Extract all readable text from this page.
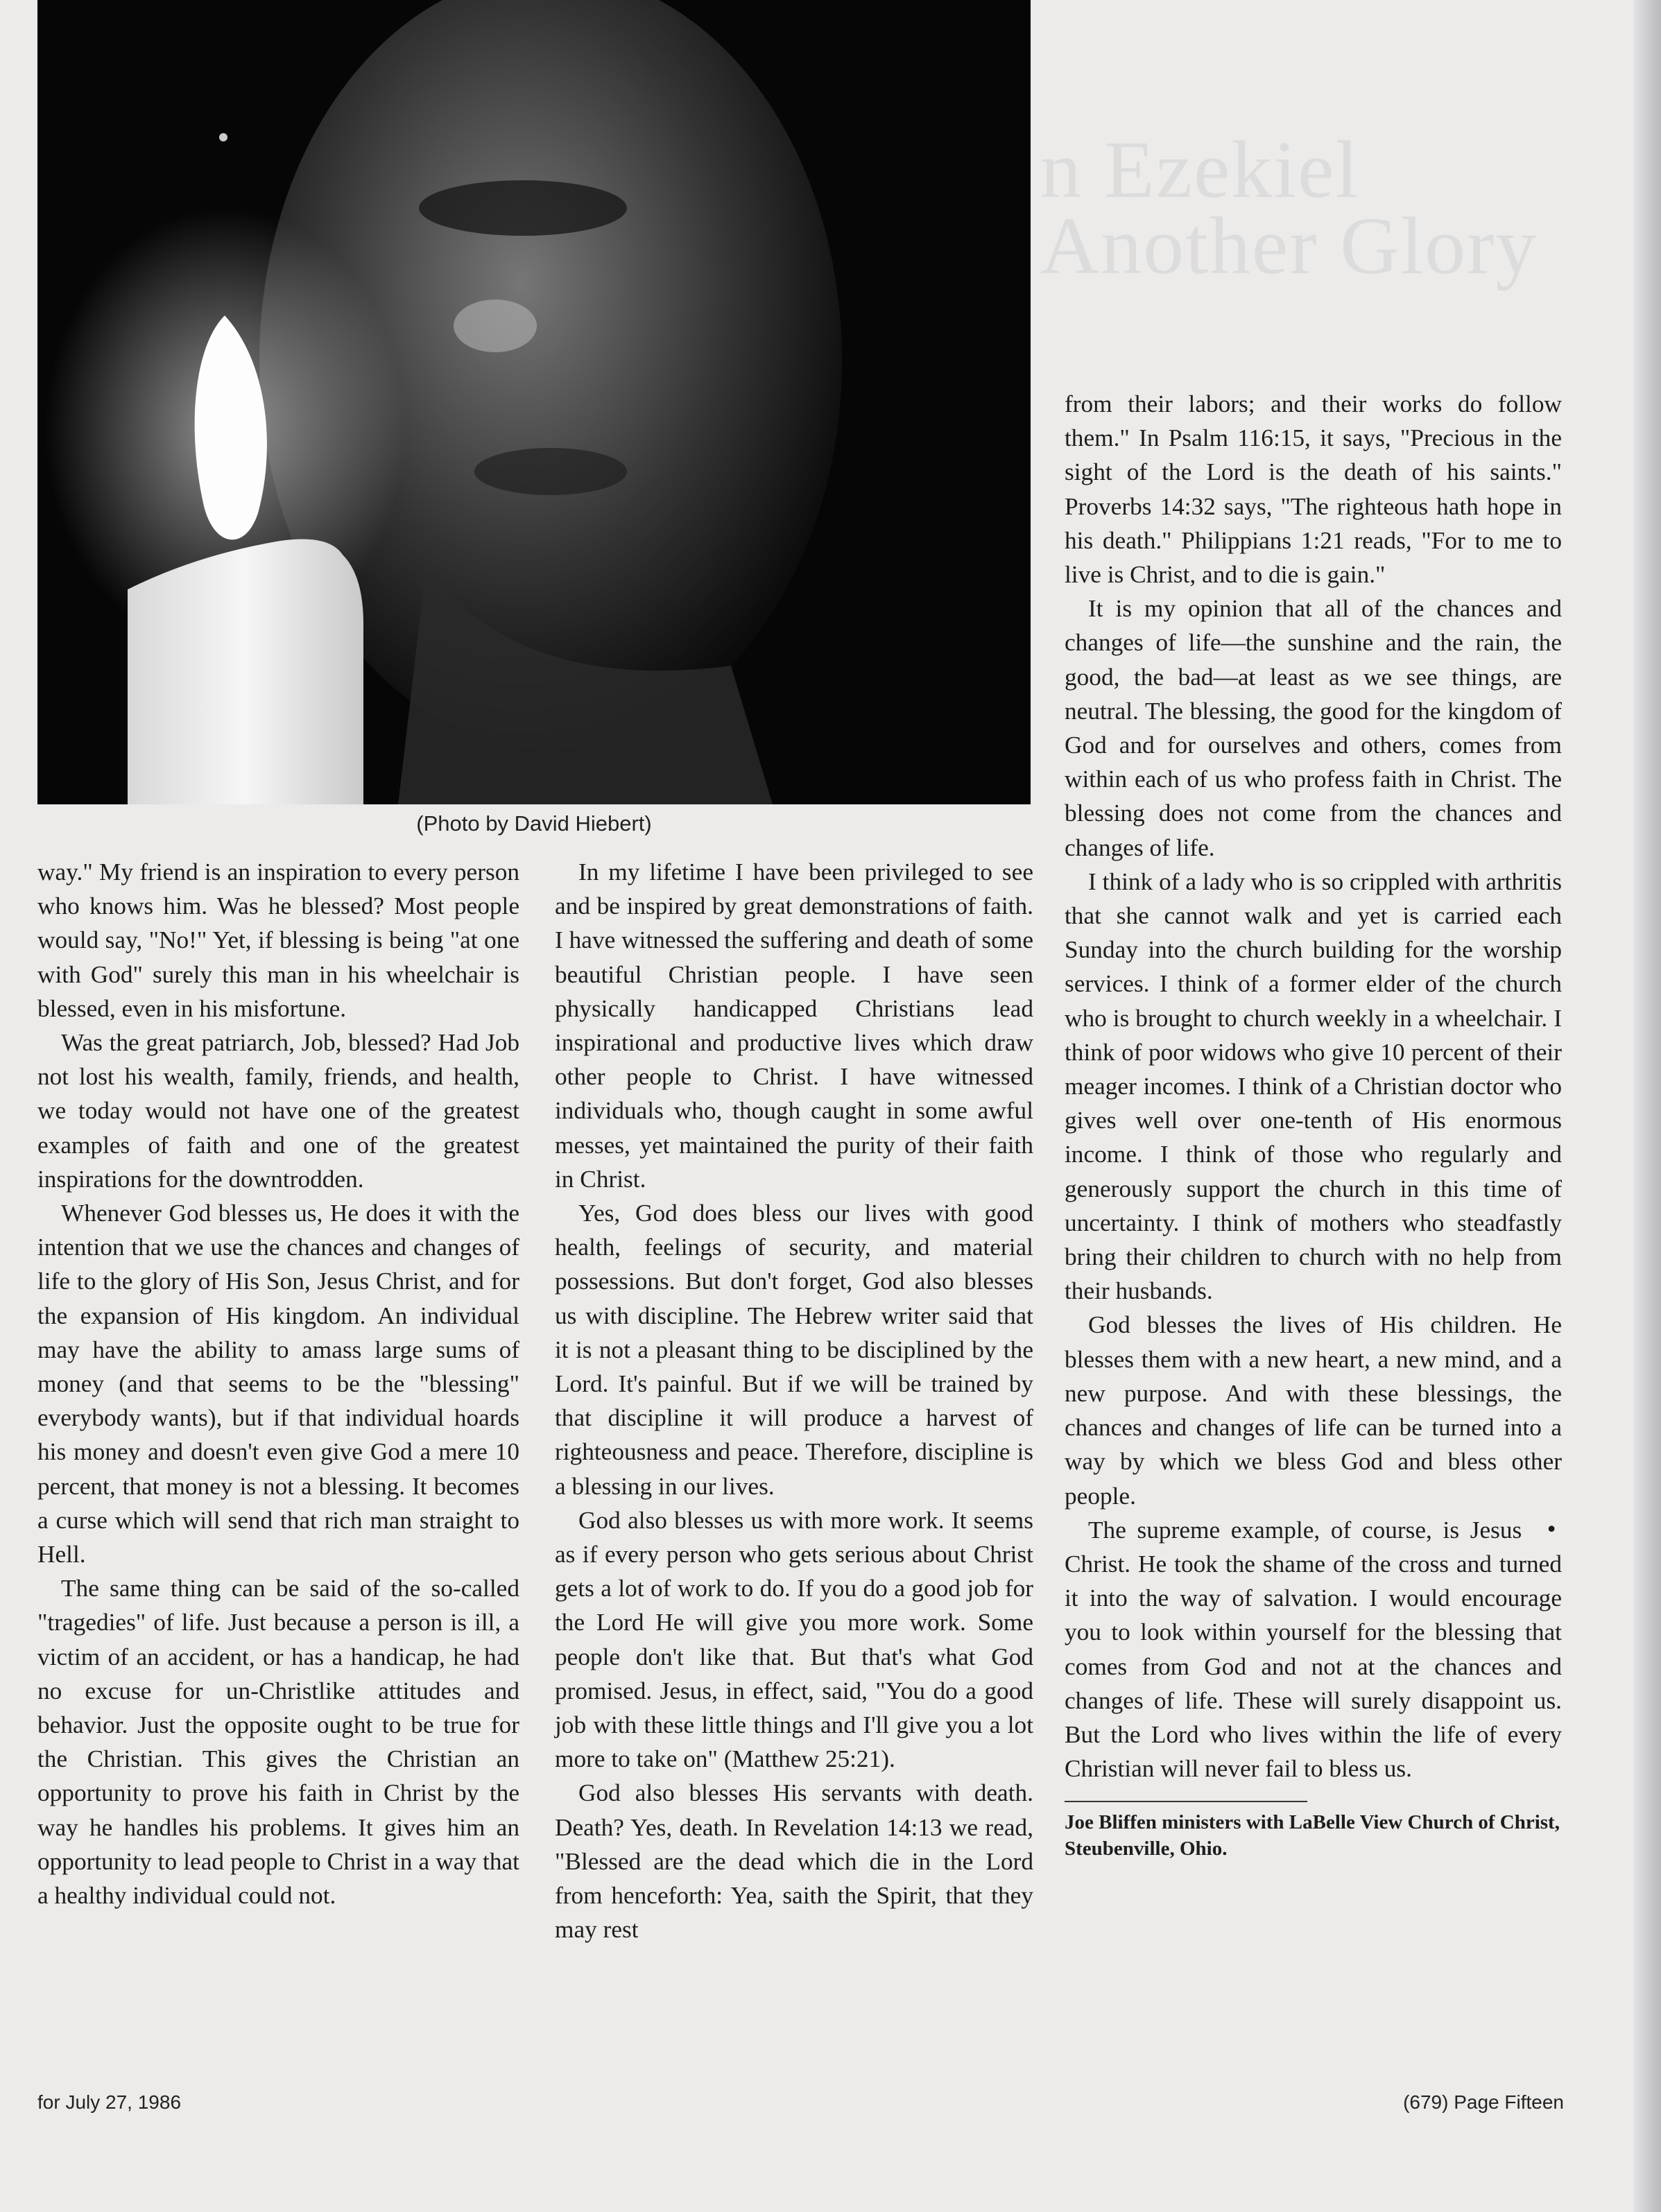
n Ezekiel
Another Glory
(Photo by David Hiebert)

way." My friend is an inspiration to every person who knows him. Was he blessed? Most people would say, "No!" Yet, if blessing is being "at one with God" surely this man in his wheelchair is blessed, even in his misfortune.

Was the great patriarch, Job, blessed? Had Job not lost his wealth, family, friends, and health, we today would not have one of the greatest examples of faith and one of the greatest inspirations for the downtrodden.

Whenever God blesses us, He does it with the intention that we use the chances and changes of life to the glory of His Son, Jesus Christ, and for the expansion of His kingdom. An individual may have the ability to amass large sums of money (and that seems to be the "blessing" everybody wants), but if that individual hoards his money and doesn't even give God a mere 10 percent, that money is not a blessing. It becomes a curse which will send that rich man straight to Hell.

The same thing can be said of the so-called "tragedies" of life. Just because a person is ill, a victim of an accident, or has a handicap, he had no excuse for un-Christlike attitudes and behavior. Just the opposite ought to be true for the Christian. This gives the Christian an opportunity to prove his faith in Christ by the way he handles his problems. It gives him an opportunity to lead people to Christ in a way that a healthy individual could not.

In my lifetime I have been privileged to see and be inspired by great demonstrations of faith. I have witnessed the suffering and death of some beautiful Christian people. I have seen physically handicapped Christians lead inspirational and productive lives which draw other people to Christ. I have witnessed individuals who, though caught in some awful messes, yet maintained the purity of their faith in Christ.

Yes, God does bless our lives with good health, feelings of security, and material possessions. But don't forget, God also blesses us with discipline. The Hebrew writer said that it is not a pleasant thing to be disciplined by the Lord. It's painful. But if we will be trained by that discipline it will produce a harvest of righteousness and peace. Therefore, discipline is a blessing in our lives.

God also blesses us with more work. It seems as if every person who gets serious about Christ gets a lot of work to do. If you do a good job for the Lord He will give you more work. Some people don't like that. But that's what God promised. Jesus, in effect, said, "You do a good job with these little things and I'll give you a lot more to take on" (Matthew 25:21).

God also blesses His servants with death. Death? Yes, death. In Revelation 14:13 we read, "Blessed are the dead which die in the Lord from henceforth: Yea, saith the Spirit, that they may rest

from their labors; and their works do follow them." In Psalm 116:15, it says, "Precious in the sight of the Lord is the death of his saints." Proverbs 14:32 says, "The righteous hath hope in his death." Philippians 1:21 reads, "For to me to live is Christ, and to die is gain."

It is my opinion that all of the chances and changes of life—the sunshine and the rain, the good, the bad—at least as we see things, are neutral. The blessing, the good for the kingdom of God and for ourselves and others, comes from within each of us who profess faith in Christ. The blessing does not come from the chances and changes of life.

I think of a lady who is so crippled with arthritis that she cannot walk and yet is carried each Sunday into the church building for the worship services. I think of a former elder of the church who is brought to church weekly in a wheelchair. I think of poor widows who give 10 percent of their meager incomes. I think of a Christian doctor who gives well over one-tenth of His enormous income. I think of those who regularly and generously support the church in this time of uncertainty. I think of mothers who steadfastly bring their children to church with no help from their husbands.

God blesses the lives of His children. He blesses them with a new heart, a new mind, and a new purpose. And with these blessings, the chances and changes of life can be turned into a way by which we bless God and bless other people.

•
The supreme example, of course, is Jesus Christ. He took the shame of the cross and turned it into the way of salvation. I would encourage you to look within yourself for the blessing that comes from God and not at the chances and changes of life. These will surely disappoint us. But the Lord who lives within the life of every Christian will never fail to bless us.

Joe Bliffen ministers with LaBelle View Church of Christ, Steubenville, Ohio.

for July 27, 1986	(679) Page Fifteen
